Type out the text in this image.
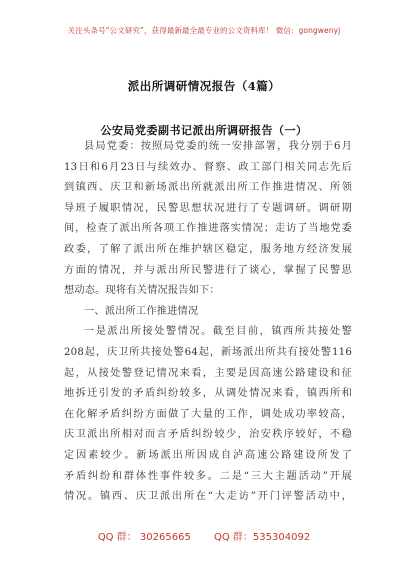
关注头条号“公文研究”，获得最新最全最专业的公文资料库！ 微信：gongwenyj
派出所调研情况报告（4篇）
公安局党委副书记派出所调研报告（一）
县局党委：按照局党委的统一安排部署，我分别于6月
13日和6月23日与续效办、督察、政工部门相关同志先后
到镇西、庆卫和新场派出所就派出所工作推进情况、所领
导班子履职情况，民警思想状况进行了专题调研。调研期
间，检查了派出所各项工作推进落实情况；走访了当地党委
政委，了解了派出所在维护辖区稳定，服务地方经济发展
方面的情况，并与派出所民警进行了谈心，掌握了民警思
想动态。现将有关情况报告如下：
一、派出所工作推进情况
一是派出所接处警情况。截至目前，镇西所共接处警
208起，庆卫所共接处警64起，新场派出所共有接处警116
起，从接处警登记情况来看，主要是因高速公路建设和征
地拆迁引发的矛盾纠纷较多，从调处情况来看，镇西所和
在化解矛盾纠纷方面做了大量的工作，调处成功率较高，
庆卫派出所相对而言矛盾纠纷较少，治安秩序较好，不稳
定因素较少。新场派出所因成自泸高速公路建设所发了
矛盾纠纷和群体性事件较多。二是“三大主题活动”开展
情况。镇西、庆卫派出所在“大走访”开门评警活动中，
QQ 群： 30265665 QQ 群：535304092
